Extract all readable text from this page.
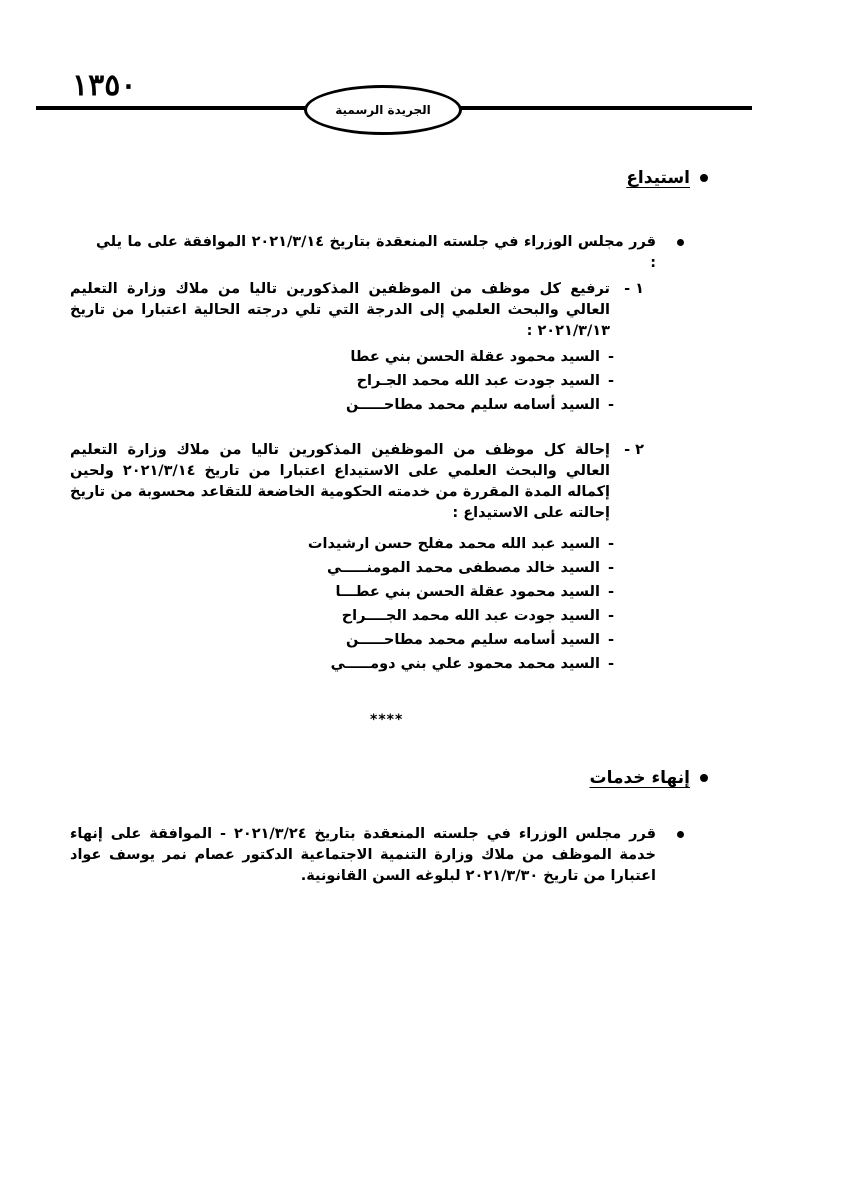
١٣٥٠
الجريدة الرسمية
استيداع
قرر مجلس الوزراء في جلسته المنعقدة بتاريخ ٢٠٢١/٣/١٤ الموافقة على ما يلي :
١ -
ترفيع كل موظف من الموظفين المذكورين تاليا من ملاك وزارة التعليم العالي والبحث العلمي إلى الدرجة التي تلي درجته الحالية اعتبارا من تاريخ ٢٠٢١/٣/١٣ :
-
السيد محمود عقلة الحسن بني عطا
-
السيد جودت عبد الله محمد الجـراح
-
السيد أسامه سليم محمد مطاحـــــن
٢ -
إحالة كل موظف من الموظفين المذكورين تاليا من ملاك وزارة التعليم العالي والبحث العلمي على الاستيداع اعتبارا من تاريخ ٢٠٢١/٣/١٤ ولحين إكماله المدة المقررة من خدمته الحكومية الخاضعة للتقاعد محسوبة من تاريخ إحالته على الاستيداع :
-
السيد عبد الله محمد مفلح حسن ارشيدات
-
السيد خالد مصطفى محمد المومنـــــي
-
السيد محمود عقلة الحسن بني عطـــا
-
السيد جودت عبد الله محمد الجــــراح
-
السيد أسامه سليم محمد مطاحـــــن
-
السيد محمد محمود علي بني دومـــــي
****
إنهاء خدمات
قرر مجلس الوزراء في جلسته المنعقدة بتاريخ ٢٠٢١/٣/٢٤ - الموافقة على إنهاء خدمة الموظف من ملاك وزارة التنمية الاجتماعية الدكتور عصام نمر يوسف عواد اعتبارا من تاريخ ٢٠٢١/٣/٣٠ لبلوغه السن القانونية.
